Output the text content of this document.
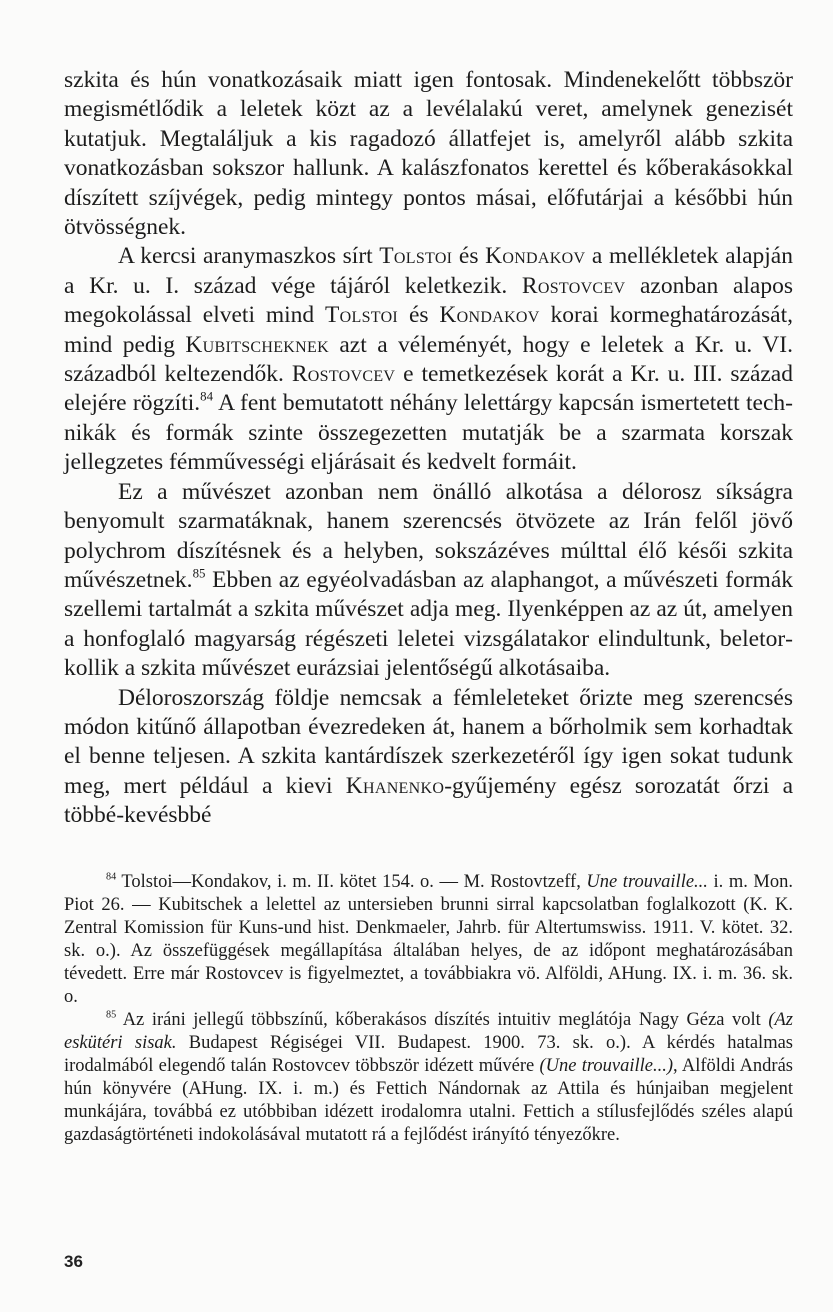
szkita és hún vonatkozásaik miatt igen fontosak. Mindenekelőtt többször megismétlődik a leletek közt az a levélalakú veret, amelynek genezisét kutatjuk. Megtaláljuk a kis ragadozó állatfejet is, amelyről alább szkita vonatkozásban sokszor hallunk. A kalászfonatos kerettel és kőberakásokkal díszített szíjvégek, pedig mintegy pontos másai, előfutárjai a későbbi hún ötvösségnek.

A kercsi aranymaszkos sírt Tolstoi és Kondakov a mellékletek alapján a Kr. u. I. század vége tájáról keletkezik. Rostovcev azonban alapos megokolással elveti mind Tolstoi és Kondakov korai kormeghatározását, mind pedig Kubitscheknek azt a véleményét, hogy e leletek a Kr. u. VI. századból keltezendők. Rostovcev e temetkezések korát a Kr. u. III. század elejére rögzíti.$^{84}$ A fent bemutatott néhány lelettárgy kapcsán ismertetett technikák és formák szinte összegezetten mutatják be a szarmata korszak jellegzetes fémművességi eljárásait és kedvelt formáit.

Ez a művészet azonban nem önálló alkotása a délorosz síkságra benyomult szarmatáknak, hanem szerencsés ötvözete az Irán felől jövő polychrom díszítésnek és a helyben, sokszázéves múlttal élő késői szkita művészetnek.$^{85}$ Ebben az egyéolvadásban az alaphangot, a művészeti formák szellemi tartalmát a szkita művészet adja meg. Ilyenképpen az az út, amelyen a honfoglaló magyarság régészeti leletei vizsgálatakor elindultunk, beletorkollik a szkita művészet eurázsiai jelentőségű alkotásaiba.

Déloroszország földje nemcsak a fémleleteket őrizte meg szerencsés módon kitűnő állapotban évezredeken át, hanem a bőrholmik sem korhadtak el benne teljesen. A szkita kantárdíszek szerkezetéről így igen sokat tudunk meg, mert például a kievi Khanenko-gyűjemény egész sorozatát őrzi a többé-kevésbbé

$^{84}$ Tolstoi—Kondakov, i. m. II. kötet 154. o. — M. Rostovtzeff, Une trouvaille... i. m. Mon. Piot 26. — Kubitschek a lelettel az untersieben brunni sirral kapcsolatban foglalkozott (K. K. Zentral Komission für Kuns-und hist. Denkmaeler, Jahrb. für Altertumswiss. 1911. V. kötet. 32. sk. o.). Az összefüggések megállapítása általában helyes, de az időpont meghatározásában tévedett. Erre már Rostovcev is figyelmeztet, a továbbiakra vö. Alföldi, AHung. IX. i. m. 36. sk. o.

$^{85}$ Az iráni jellegű többszínű, kőberakásos díszítés intuitiv meglátója Nagy Géza volt (Az eskütéri sisak. Budapest Régiségei VII. Budapest. 1900. 73. sk. o.). A kérdés hatalmas irodalmából elegendő talán Rostovcev többször idézett művére (Une trouvaille...), Alföldi András hún könyvére (AHung. IX. i. m.) és Fettich Nándornak az Attila és húnjaiban megjelent munkájára, továbbá ez utóbbiban idézett irodalomra utalni. Fettich a stílusfejlődés széles alapú gazdaságtörténeti indokolásával mutatott rá a fejlődést irányító tényezőkre.

36
